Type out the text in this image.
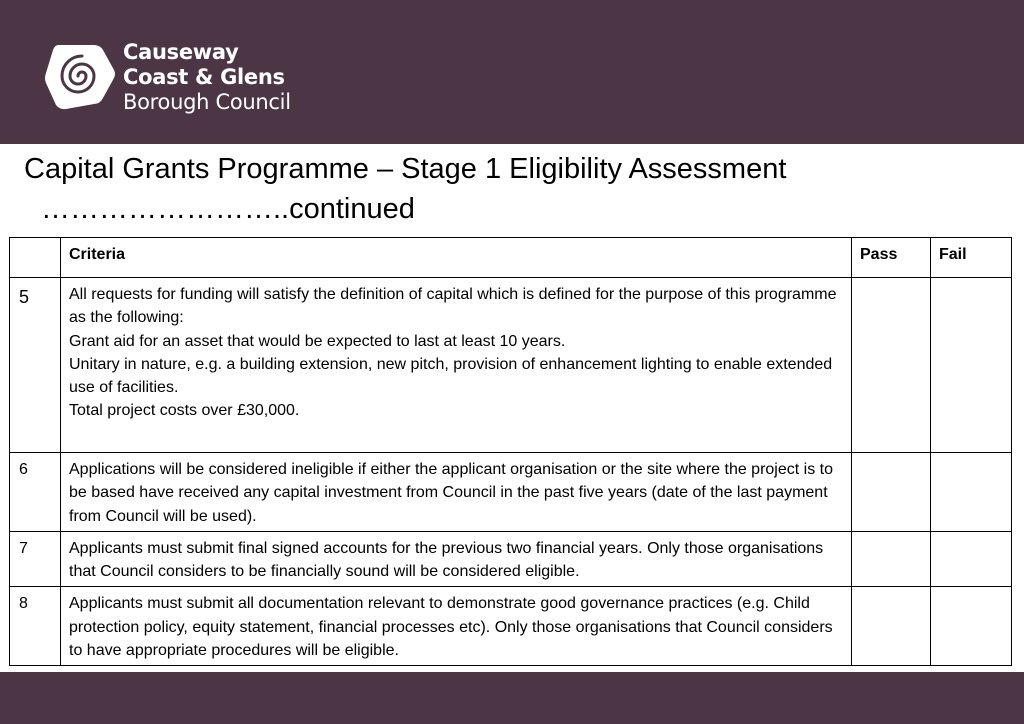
Causeway
Coast & Glens
Borough Council
Capital Grants Programme – Stage 1 Eligibility Assessment
……………………..continued
	Criteria	Pass	Fail
5	All requests for funding will satisfy the definition of capital which is defined for the purpose of this programme as the following:
Grant aid for an asset that would be expected to last at least 10 years.
Unitary in nature, e.g. a building extension, new pitch, provision of enhancement lighting to enable extended use of facilities.
Total project costs over £30,000.		

6	Applications will be considered ineligible if either the applicant organisation or the site where the project is to be based have received any capital investment from Council in the past five years (date of the last payment from Council will be used).		

7	Applicants must submit final signed accounts for the previous two financial years. Only those organisations that Council considers to be financially sound will be considered eligible.		

8	Applicants must submit all documentation relevant to demonstrate good governance practices (e.g. Child protection policy, equity statement, financial processes etc). Only those organisations that Council considers to have appropriate procedures will be eligible.		
